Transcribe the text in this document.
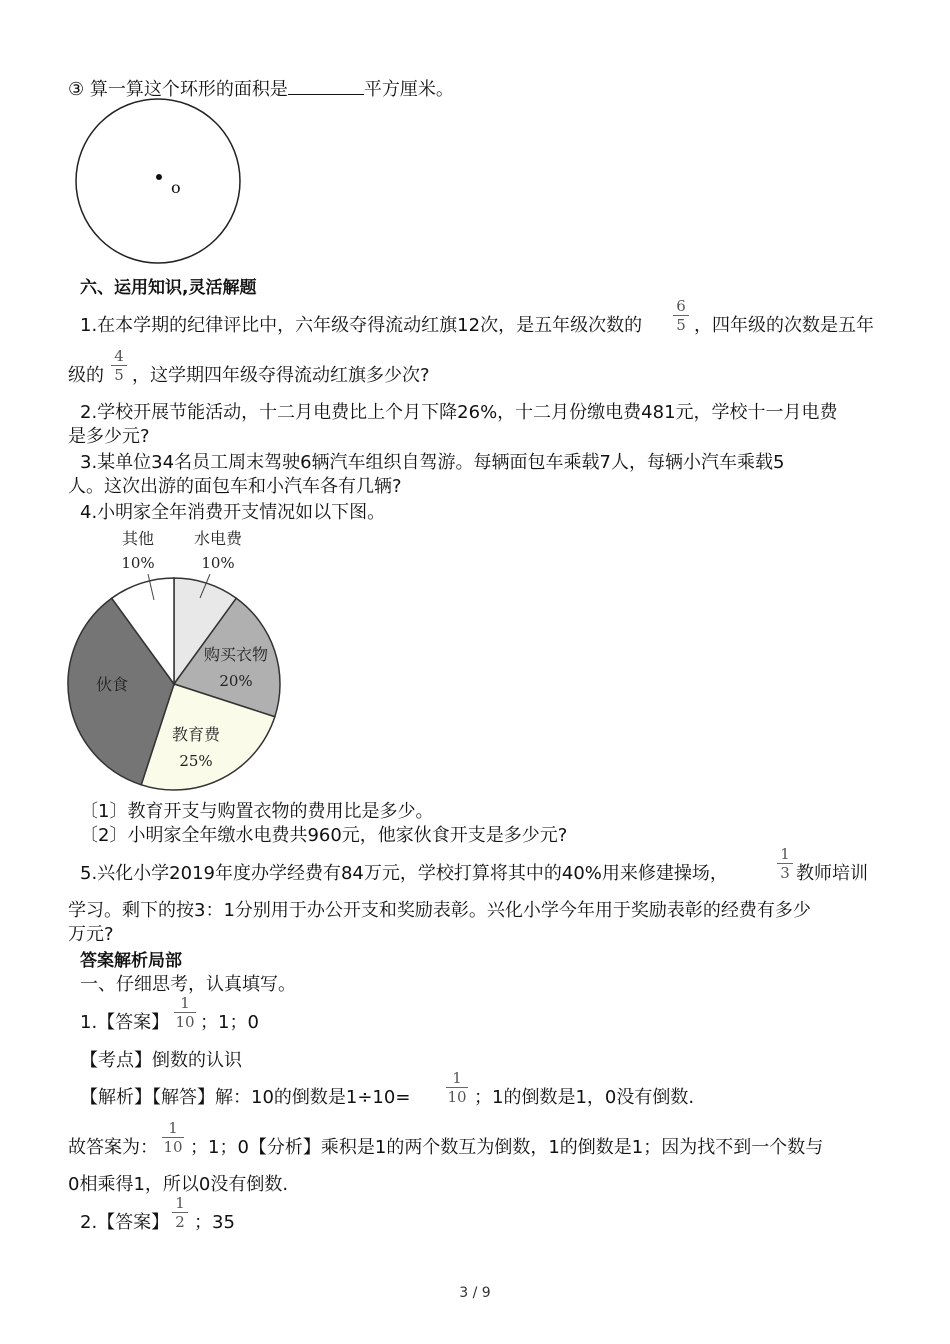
③ 算一算这个环形的面积是	平方厘米。
o
六、运用知识,灵活解题
1.在本学期的纪律评比中，六年级夺得流动红旗12次，是五年级次数的
6
5 ，四年级的次数是五年
级的
4
5 ，这学期四年级夺得流动红旗多少次?
2.学校开展节能活动，十二月电费比上个月下降26%，十二月份缴电费481元，学校十一月电费
是多少元?
3.某单位34名员工周末驾驶6辆汽车组织自驾游。每辆面包车乘载7人，每辆小汽车乘载5
人。这次出游的面包车和小汽车各有几辆?
4.小明家全年消费开支情况如以下图。
水电费
10%
购买衣物
20%
教育费
25%
伙食
其他
10%
〔1〕教育开支与购置衣物的费用比是多少。
〔2〕小明家全年缴水电费共960元，他家伙食开支是多少元?
5.兴化小学2019年度办学经费有84万元，学校打算将其中的40%用来修建操场，
1
3 教师培训
学习。剩下的按3：1分别用于办公开支和奖励表彰。兴化小学今年用于奖励表彰的经费有多少
万元?
答案解析局部
一、仔细思考，认真填写。
1.【答案】
1
10 ；1；0
【考点】倒数的认识
【解析】【解答】解：10的倒数是1÷10=
1
10 ；1的倒数是1，0没有倒数.
故答案为：
1
10 ；1；0【分析】乘积是1的两个数互为倒数，1的倒数是1；因为找不到一个数与
0相乘得1，所以0没有倒数.
2.【答案】
1
2 ；35
3 / 9
